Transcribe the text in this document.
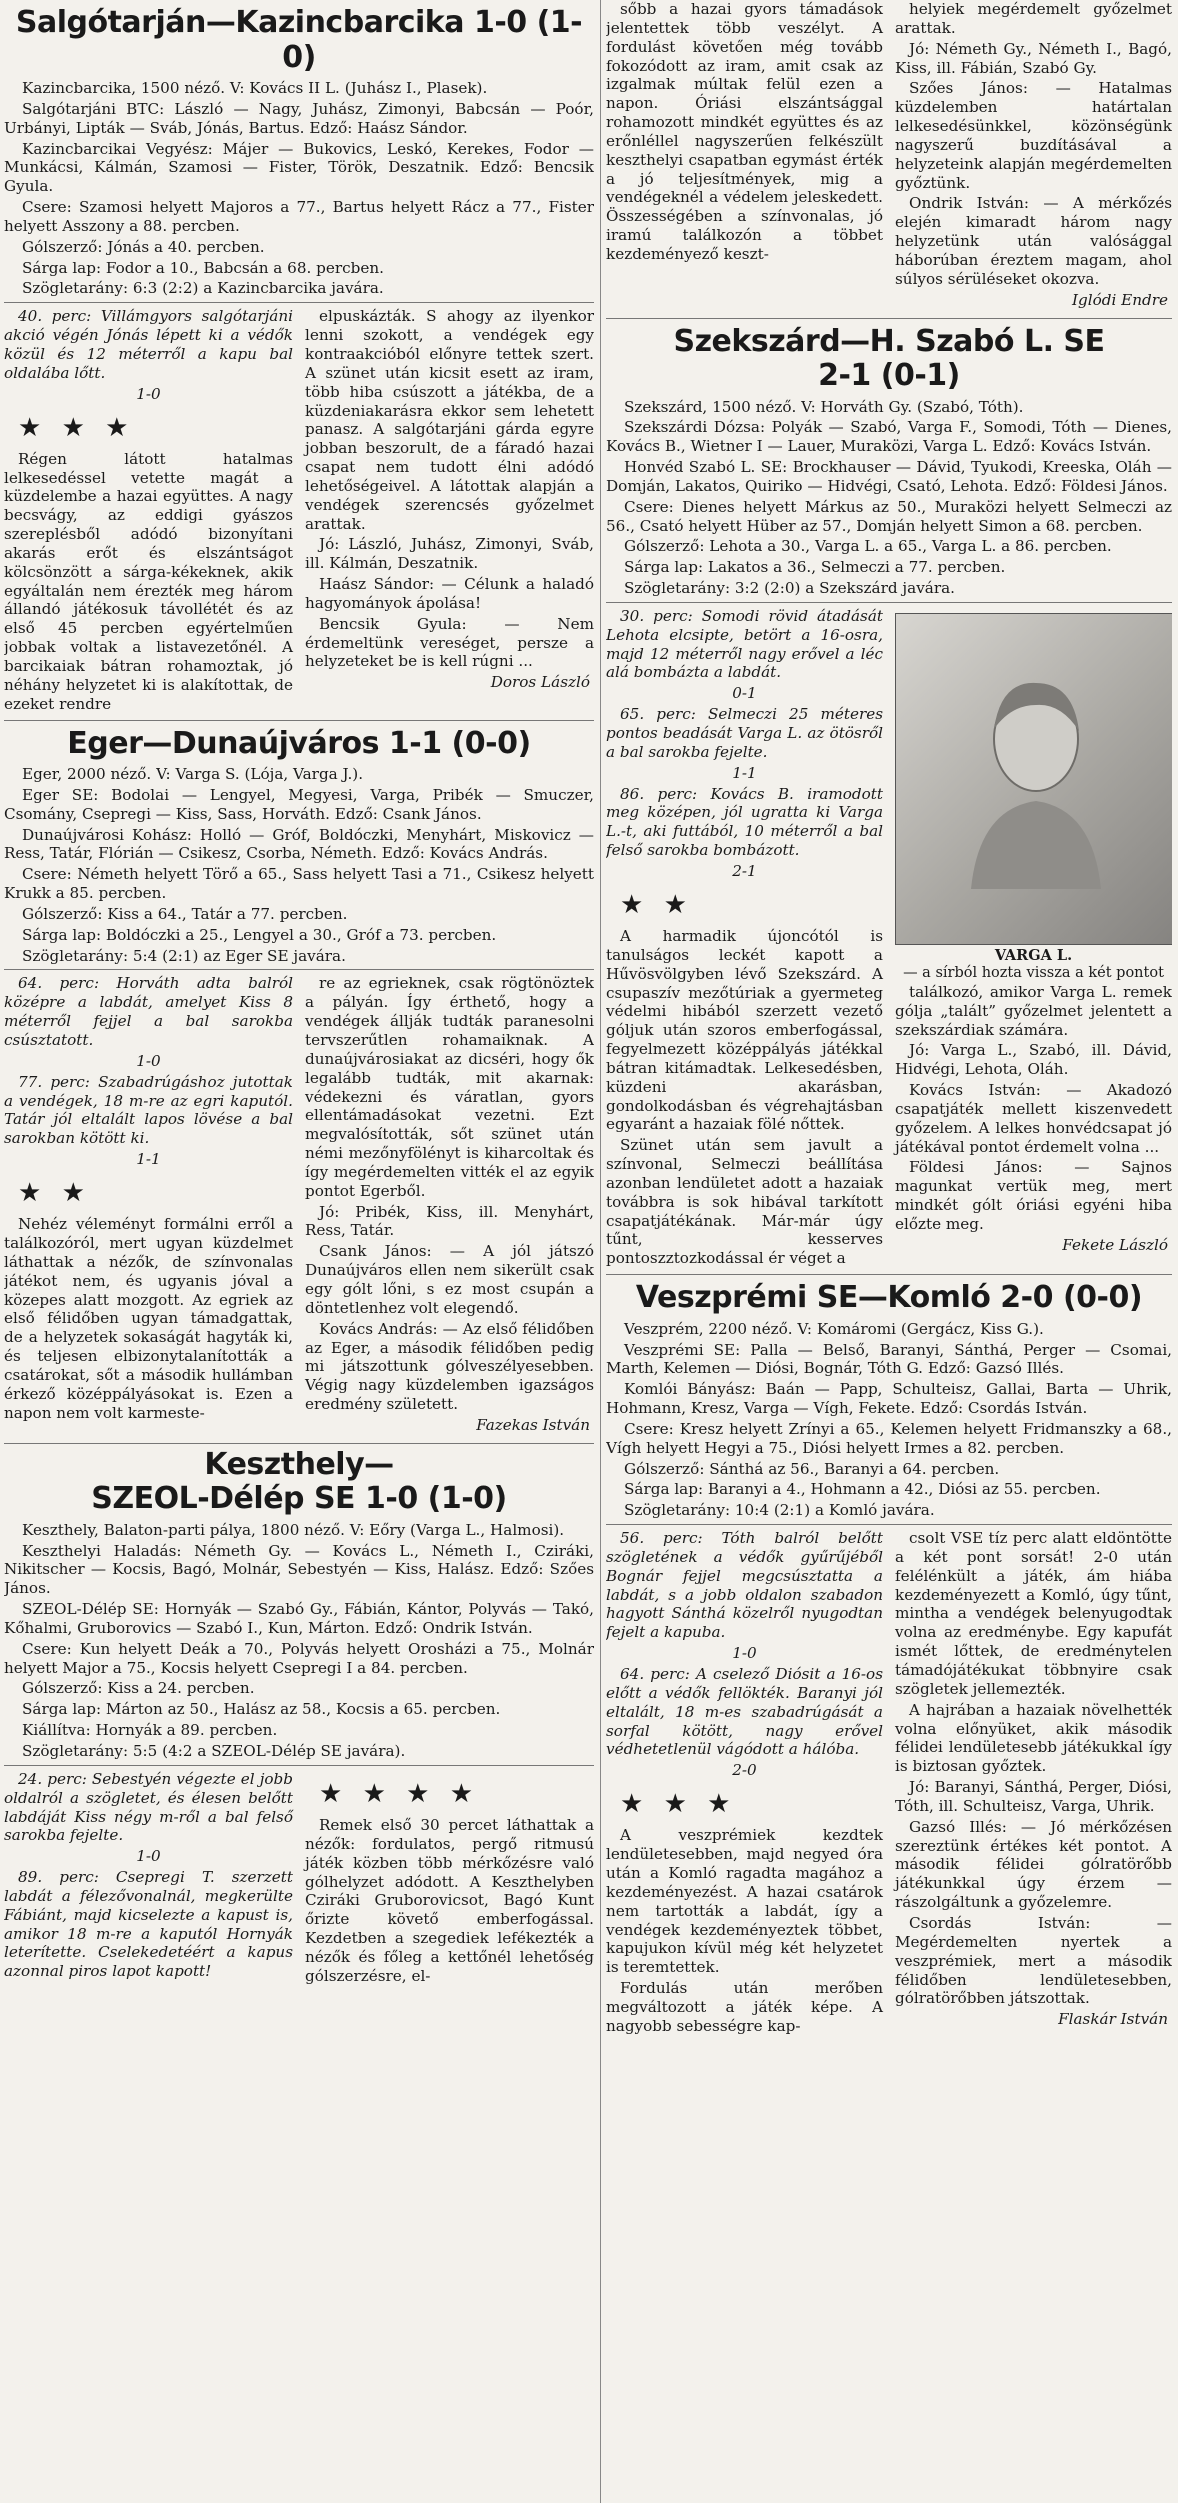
Salgótarján—Kazincbarcika 1-0 (1-0)

Kazincbarcika, 1500 néző. V: Kovács II L. (Juhász I., Plasek).

Salgótarjáni BTC: László — Nagy, Juhász, Zimonyi, Babcsán — Poór, Urbányi, Lipták — Sváb, Jónás, Bartus. Edző: Haász Sándor.

Kazincbarcikai Vegyész: Májer — Bukovics, Leskó, Kerekes, Fodor — Munkácsi, Kálmán, Szamosi — Fister, Török, Deszatnik. Edző: Bencsik Gyula.

Csere: Szamosi helyett Majoros a 77., Bartus helyett Rácz a 77., Fister helyett Asszony a 88. percben.

Gólszerző: Jónás a 40. percben.

Sárga lap: Fodor a 10., Babcsán a 68. percben.

Szögletarány: 6:3 (2:2) a Kazincbarcika javára.

40. perc: Villámgyors salgótarjáni akció végén Jónás lépett ki a védők közül és 12 méterről a kapu bal oldalába lőtt.

1-0
★ ★ ★

Régen látott hatalmas lelkesedéssel vetette magát a küzdelembe a hazai együttes. A nagy becsvágy, az eddigi gyászos szereplésből adódó bizonyítani akarás erőt és elszántságot kölcsönzött a sárga-kékeknek, akik egyáltalán nem érezték meg három állandó játékosuk távollétét és az első 45 percben egyértelműen jobbak voltak a listavezetőnél. A barcikaiak bátran rohamoztak, jó néhány helyzetet ki is alakítottak, de ezeket rendre

elpuskázták. S ahogy az ilyenkor lenni szokott, a vendégek egy kontraakcióból előnyre tettek szert. A szünet után kicsit esett az iram, több hiba csúszott a játékba, de a küzdeniakarásra ekkor sem lehetett panasz. A salgótarjáni gárda egyre jobban beszorult, de a fáradó hazai csapat nem tudott élni adódó lehetőségeivel. A látottak alapján a vendégek szerencsés győzelmet arattak.

Jó: László, Juhász, Zimonyi, Sváb, ill. Kálmán, Deszatnik.

Haász Sándor: — Célunk a haladó hagyományok ápolása!

Bencsik Gyula: — Nem érdemeltünk vereséget, persze a helyzeteket be is kell rúgni ...

Doros László
Eger—Dunaújváros 1-1 (0-0)

Eger, 2000 néző. V: Varga S. (Lója, Varga J.).

Eger SE: Bodolai — Lengyel, Megyesi, Varga, Pribék — Smuczer, Csomány, Csepregi — Kiss, Sass, Horváth. Edző: Csank János.

Dunaújvárosi Kohász: Holló — Gróf, Boldóczki, Menyhárt, Miskovicz — Ress, Tatár, Flórián — Csikesz, Csorba, Németh. Edző: Kovács András.

Csere: Németh helyett Törő a 65., Sass helyett Tasi a 71., Csikesz helyett Krukk a 85. percben.

Gólszerző: Kiss a 64., Tatár a 77. percben.

Sárga lap: Boldóczki a 25., Lengyel a 30., Gróf a 73. percben.

Szögletarány: 5:4 (2:1) az Eger SE javára.

64. perc: Horváth adta balról középre a labdát, amelyet Kiss 8 méterről fejjel a bal sarokba csúsztatott.

1-0

77. perc: Szabadrúgáshoz jutottak a vendégek, 18 m-re az egri kaputól. Tatár jól eltalált lapos lövése a bal sarokban kötött ki.

1-1
★ ★

Nehéz véleményt formálni erről a találkozóról, mert ugyan küzdelmet láthattak a nézők, de színvonalas játékot nem, és ugyanis jóval a közepes alatt mozgott. Az egriek az első félidőben ugyan támadgattak, de a helyzetek sokaságát hagyták ki, és teljesen elbizonytalanították a csatárokat, sőt a második hullámban érkező középpályásokat is. Ezen a napon nem volt karmeste-

re az egrieknek, csak rögtönöztek a pályán. Így érthető, hogy a vendégek állják tudták paranesolni tervszerűtlen rohamaiknak. A dunaújvárosiakat az dicséri, hogy ők legalább tudták, mit akarnak: védekezni és váratlan, gyors ellentámadásokat vezetni. Ezt megvalósították, sőt szünet után némi mezőnyfölényt is kiharcoltak és így megérdemelten vitték el az egyik pontot Egerből.

Jó: Pribék, Kiss, ill. Menyhárt, Ress, Tatár.

Csank János: — A jól játszó Dunaújváros ellen nem sikerült csak egy gólt lőni, s ez most csupán a döntetlenhez volt elegendő.

Kovács András: — Az első félidőben az Eger, a második félidőben pedig mi játszottunk gólveszélyesebben. Végig nagy küzdelemben igazságos eredmény született.

Fazekas István
Keszthely—
SZEOL-Délép SE 1-0 (1-0)

Keszthely, Balaton-parti pálya, 1800 néző. V: Eőry (Varga L., Halmosi).

Keszthelyi Haladás: Németh Gy. — Kovács L., Németh I., Cziráki, Nikitscher — Kocsis, Bagó, Molnár, Sebestyén — Kiss, Halász. Edző: Szőes János.

SZEOL-Délép SE: Hornyák — Szabó Gy., Fábián, Kántor, Polyvás — Takó, Kőhalmi, Gruborovics — Szabó I., Kun, Márton. Edző: Ondrik István.

Csere: Kun helyett Deák a 70., Polyvás helyett Orosházi a 75., Molnár helyett Major a 75., Kocsis helyett Csepregi I a 84. percben.

Gólszerző: Kiss a 24. percben.

Sárga lap: Márton az 50., Halász az 58., Kocsis a 65. percben.

Kiállítva: Hornyák a 89. percben.

Szögletarány: 5:5 (4:2 a SZEOL-Délép SE javára).

24. perc: Sebestyén végezte el jobb oldalról a szögletet, és élesen belőtt labdáját Kiss négy m-ről a bal felső sarokba fejelte.

1-0

89. perc: Csepregi T. szerzett labdát a félezővonalnál, megkerülte Fábiánt, majd kicselezte a kapust is, amikor 18 m-re a kaputól Hornyák leterítette. Cselekedetéért a kapus azonnal piros lapot kapott!

★ ★ ★ ★

Remek első 30 percet láthattak a nézők: fordulatos, pergő ritmusú játék közben több mérkőzésre való gólhelyzet adódott. A Keszthelyben Cziráki Gruborovicsot, Bagó Kunt őrizte követő emberfogással. Kezdetben a szegediek lefékezték a nézők és főleg a kettőnél lehetőség gólszerzésre, el-

sőbb a hazai gyors támadások jelentettek több veszélyt. A fordulást követően még tovább fokozódott az iram, amit csak az izgalmak múltak felül ezen a napon. Óriási elszántsággal rohamozott mindkét együttes és az erőnléllel nagyszerűen felkészült keszthelyi csapatban egymást érték a jó teljesítmények, mig a vendégeknél a védelem jeleskedett. Összességében a színvonalas, jó iramú találkozón a többet kezdeményező keszt-

helyiek megérdemelt győzelmet arattak.

Jó: Németh Gy., Németh I., Bagó, Kiss, ill. Fábián, Szabó Gy.

Szőes János: — Hatalmas küzdelemben határtalan lelkesedésünkkel, közönségünk nagyszerű buzdításával a helyzeteink alapján megérdemelten győztünk.

Ondrik István: — A mérkőzés elején kimaradt három nagy helyzetünk után valósággal háborúban éreztem magam, ahol súlyos sérüléseket okozva.

Iglódi Endre
Szekszárd—H. Szabó L. SE
2-1 (0-1)

Szekszárd, 1500 néző. V: Horváth Gy. (Szabó, Tóth).

Szekszárdi Dózsa: Polyák — Szabó, Varga F., Somodi, Tóth — Dienes, Kovács B., Wietner I — Lauer, Muraközi, Varga L. Edző: Kovács István.

Honvéd Szabó L. SE: Brockhauser — Dávid, Tyukodi, Kreeska, Oláh — Domján, Lakatos, Quiriko — Hidvégi, Csató, Lehota. Edző: Földesi János.

Csere: Dienes helyett Márkus az 50., Muraközi helyett Selmeczi az 56., Csató helyett Hüber az 57., Domján helyett Simon a 68. percben.

Gólszerző: Lehota a 30., Varga L. a 65., Varga L. a 86. percben.

Sárga lap: Lakatos a 36., Selmeczi a 77. percben.

Szögletarány: 3:2 (2:0) a Szekszárd javára.

30. perc: Somodi rövid átadását Lehota elcsipte, betört a 16-osra, majd 12 méterről nagy erővel a léc alá bombázta a labdát.

0-1

65. perc: Selmeczi 25 méteres pontos beadását Varga L. az ötösről a bal sarokba fejelte.

1-1

86. perc: Kovács B. iramodott meg középen, jól ugratta ki Varga L.-t, aki futtából, 10 méterről a bal felső sarokba bombázott.

2-1
★ ★

A harmadik újoncótól is tanulságos leckét kapott a Hűvösvölgyben lévő Szekszárd. A csupaszív mezőtúriak a gyermeteg védelmi hibából szerzett vezető góljuk után szoros emberfogással, fegyelmezett középpályás játékkal bátran kitámadtak. Lelkesedésben, küzdeni akarásban, gondolkodásban és végrehajtásban egyaránt a hazaiak fölé nőttek.

Szünet után sem javult a színvonal, Selmeczi beállítása azonban lendületet adott a hazaiak továbbra is sok hibával tarkított csapatjátékának. Már-már úgy tűnt, kesserves pontoszztozkodással ér véget a

VARGA L.
— a sírból hozta vissza a két pontot

találkozó, amikor Varga L. remek gólja „talált” győzelmet jelentett a szekszárdiak számára.

Jó: Varga L., Szabó, ill. Dávid, Hidvégi, Lehota, Oláh.

Kovács István: — Akadozó csapatjáték mellett kiszenvedett győzelem. A lelkes honvédcsapat jó játékával pontot érdemelt volna ...

Földesi János: — Sajnos magunkat vertük meg, mert mindkét gólt óriási egyéni hiba előzte meg.

Fekete László
Veszprémi SE—Komló 2-0 (0-0)

Veszprém, 2200 néző. V: Komáromi (Gergácz, Kiss G.).

Veszprémi SE: Palla — Belső, Baranyi, Sánthá, Perger — Csomai, Marth, Kelemen — Diósi, Bognár, Tóth G. Edző: Gazsó Illés.

Komlói Bányász: Baán — Papp, Schulteisz, Gallai, Barta — Uhrik, Hohmann, Kresz, Varga — Vígh, Fekete. Edző: Csordás István.

Csere: Kresz helyett Zrínyi a 65., Kelemen helyett Fridmanszky a 68., Vígh helyett Hegyi a 75., Diósi helyett Irmes a 82. percben.

Gólszerző: Sánthá az 56., Baranyi a 64. percben.

Sárga lap: Baranyi a 4., Hohmann a 42., Diósi az 55. percben.

Szögletarány: 10:4 (2:1) a Komló javára.

56. perc: Tóth balról belőtt szögletének a védők gyűrűjéből Bognár fejjel megcsúsztatta a labdát, s a jobb oldalon szabadon hagyott Sánthá közelről nyugodtan fejelt a kapuba.

1-0

64. perc: A cselező Diósit a 16-os előtt a védők fellökték. Baranyi jól eltalált, 18 m-es szabadrúgását a sorfal kötött, nagy erővel védhetetlenül vágódott a hálóba.

2-0
★ ★ ★

A veszprémiek kezdtek lendületesebben, majd negyed óra után a Komló ragadta magához a kezdeményezést. A hazai csatárok nem tartották a labdát, így a vendégek kezdeményeztek többet, kapujukon kívül még két helyzetet is teremtettek.

Fordulás után merőben megváltozott a játék képe. A nagyobb sebességre kap-

csolt VSE tíz perc alatt eldöntötte a két pont sorsát! 2-0 után felélénkült a játék, ám hiába kezdeményezett a Komló, úgy tűnt, mintha a vendégek belenyugodtak volna az eredménybe. Egy kapufát ismét lőttek, de eredménytelen támadójátékukat többnyire csak szögletek jellemezték.

A hajrában a hazaiak növelhették volna előnyüket, akik második félidei lendületesebb játékukkal így is biztosan győztek.

Jó: Baranyi, Sánthá, Perger, Diósi, Tóth, ill. Schulteisz, Varga, Uhrik.

Gazsó Illés: — Jó mérkőzésen szereztünk értékes két pontot. A második félidei gólratörőbb játékunkkal úgy érzem — rászolgáltunk a győzelemre.

Csordás István: — Megérdemelten nyertek a veszprémiek, mert a második félidőben lendületesebben, gólratörőbben játszottak.

Flaskár István
